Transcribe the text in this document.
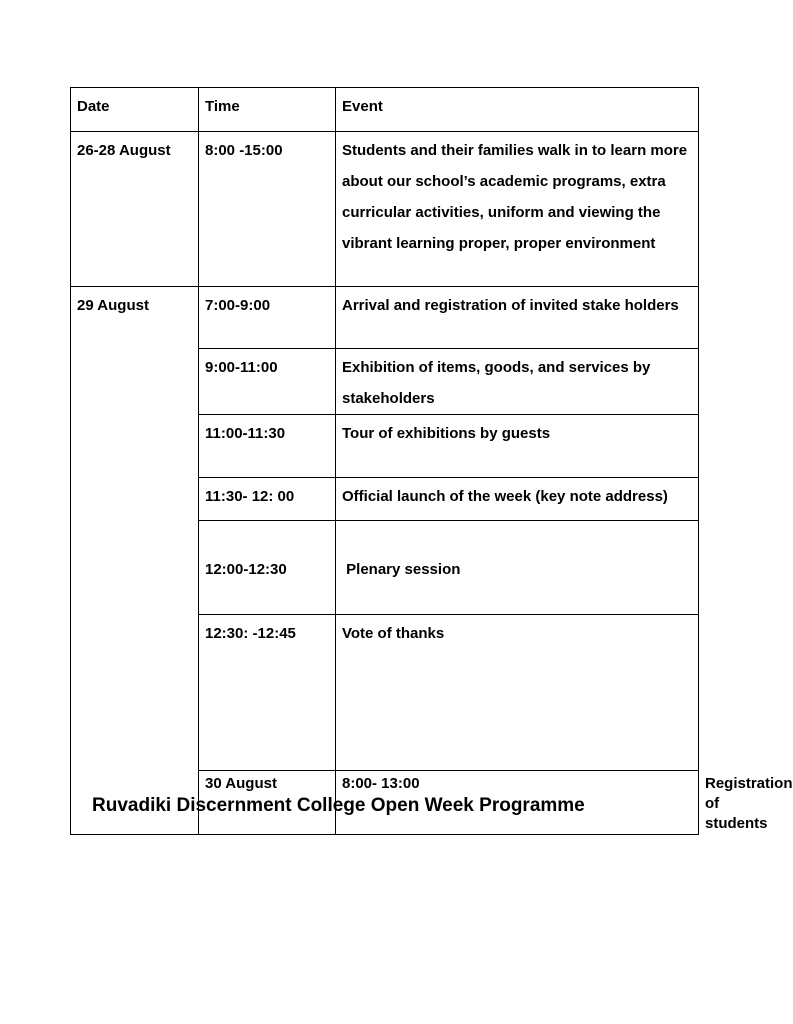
Date	Time	Event	
26-28 August	8:00 -15:00	Students and their families walk in to learn more about our school’s academic programs, extra curricular activities, uniform and viewing the vibrant learning proper, proper environment	
29 August	7:00-9:00	Arrival and registration of invited stake holders	
	9:00-11:00	Exhibition of items, goods, and services by stakeholders	
	11:00-11:30	Tour of exhibitions by guests	
	11:30- 12: 00	Official launch of the week (key note address)	
	12:00-12:30	Plenary session	
	12:30: -12:45	Vote of thanks	
	30 August	8:00- 13:00	Registration of students
Ruvadiki Discernment College Open Week Programme
